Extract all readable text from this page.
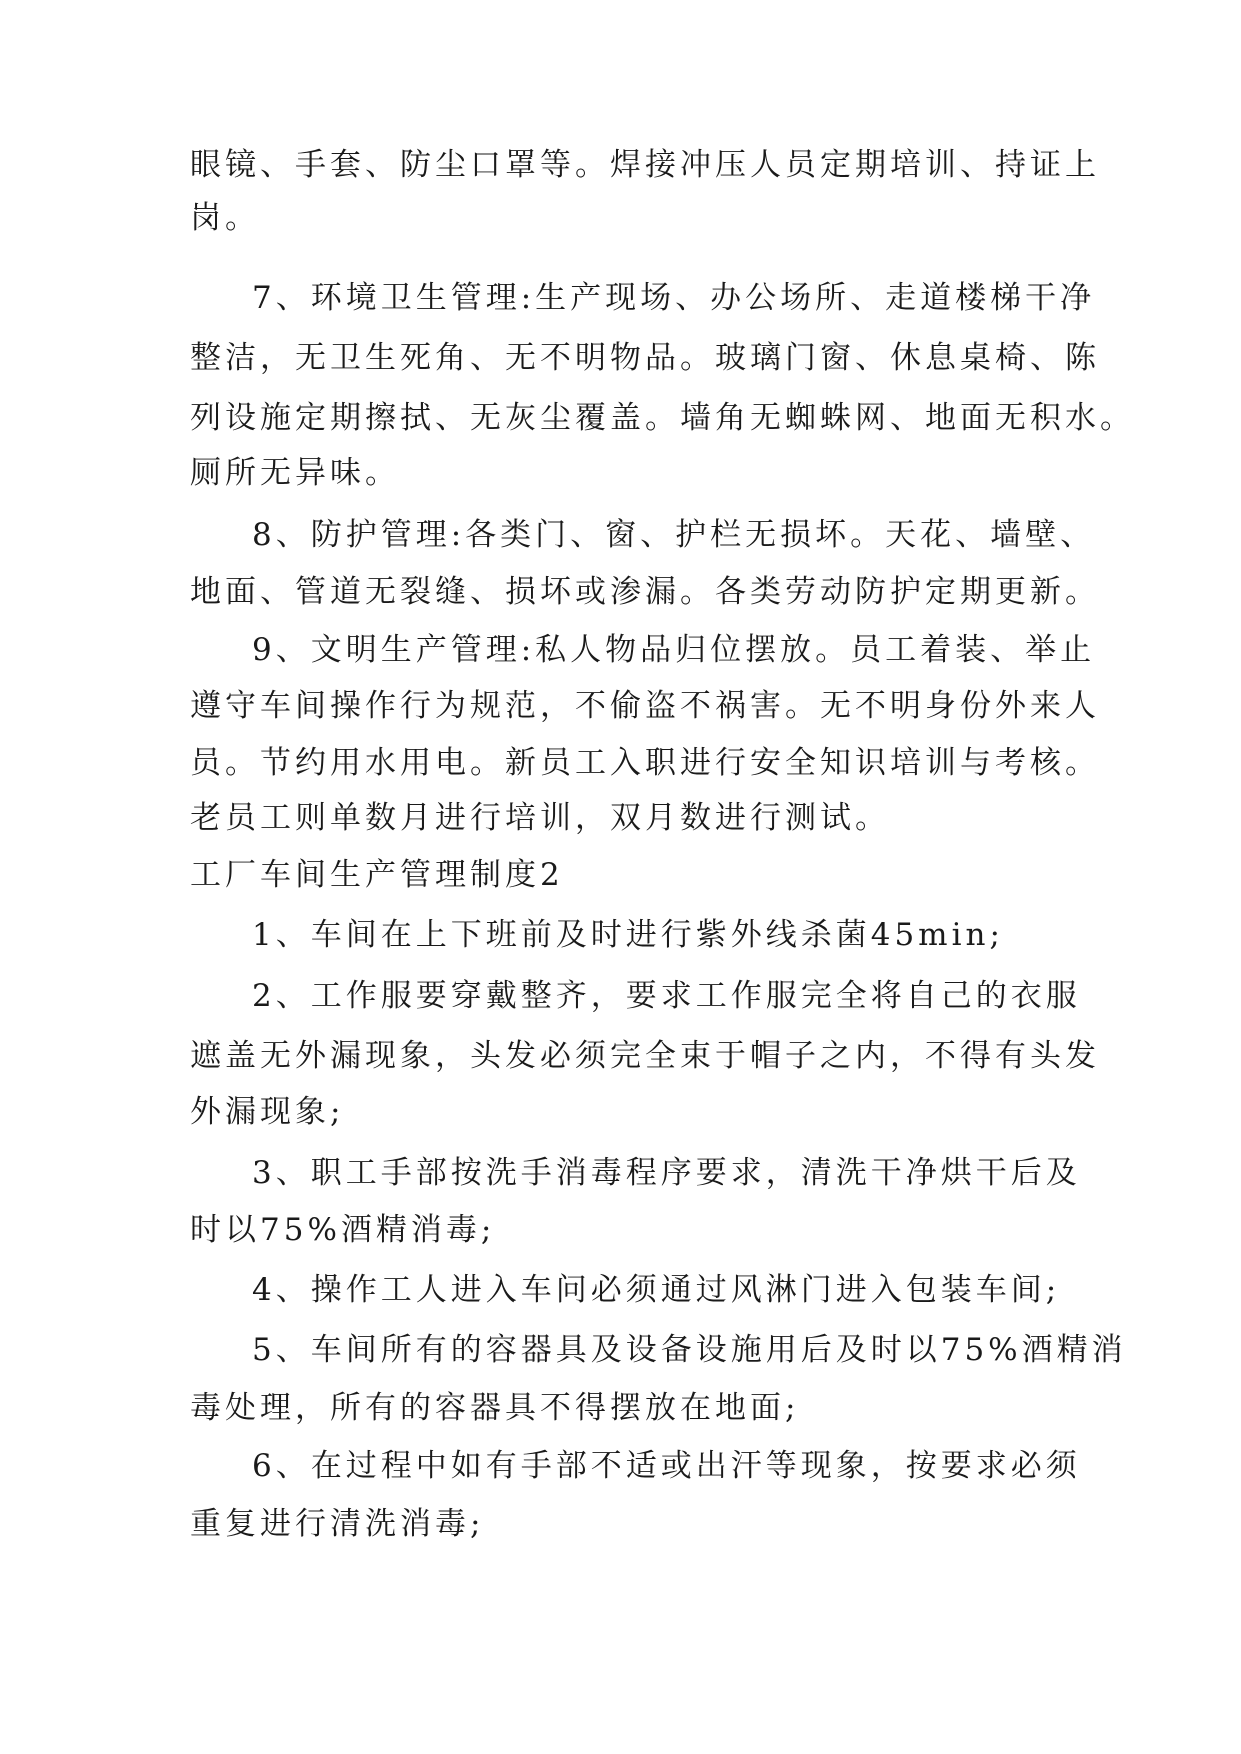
眼镜、手套、防尘口罩等。焊接冲压人员定期培训、持证上
岗。
7、环境卫生管理:生产现场、办公场所、走道楼梯干净
整洁，无卫生死角、无不明物品。玻璃门窗、休息桌椅、陈
列设施定期擦拭、无灰尘覆盖。墙角无蜘蛛网、地面无积水。
厕所无异味。
8、防护管理:各类门、窗、护栏无损坏。天花、墙壁、
地面、管道无裂缝、损坏或渗漏。各类劳动防护定期更新。
9、文明生产管理:私人物品归位摆放。员工着装、举止
遵守车间操作行为规范，不偷盗不祸害。无不明身份外来人
员。节约用水用电。新员工入职进行安全知识培训与考核。
老员工则单数月进行培训，双月数进行测试。
工厂车间生产管理制度2
1、车间在上下班前及时进行紫外线杀菌45min;
2、工作服要穿戴整齐，要求工作服完全将自己的衣服
遮盖无外漏现象，头发必须完全束于帽子之内，不得有头发
外漏现象;
3、职工手部按洗手消毒程序要求，清洗干净烘干后及
时以75%酒精消毒;
4、操作工人进入车问必须通过风淋门进入包装车间;
5、车间所有的容器具及设备设施用后及时以75%酒精消
毒处理，所有的容器具不得摆放在地面;
6、在过程中如有手部不适或出汗等现象，按要求必须
重复进行清洗消毒;
